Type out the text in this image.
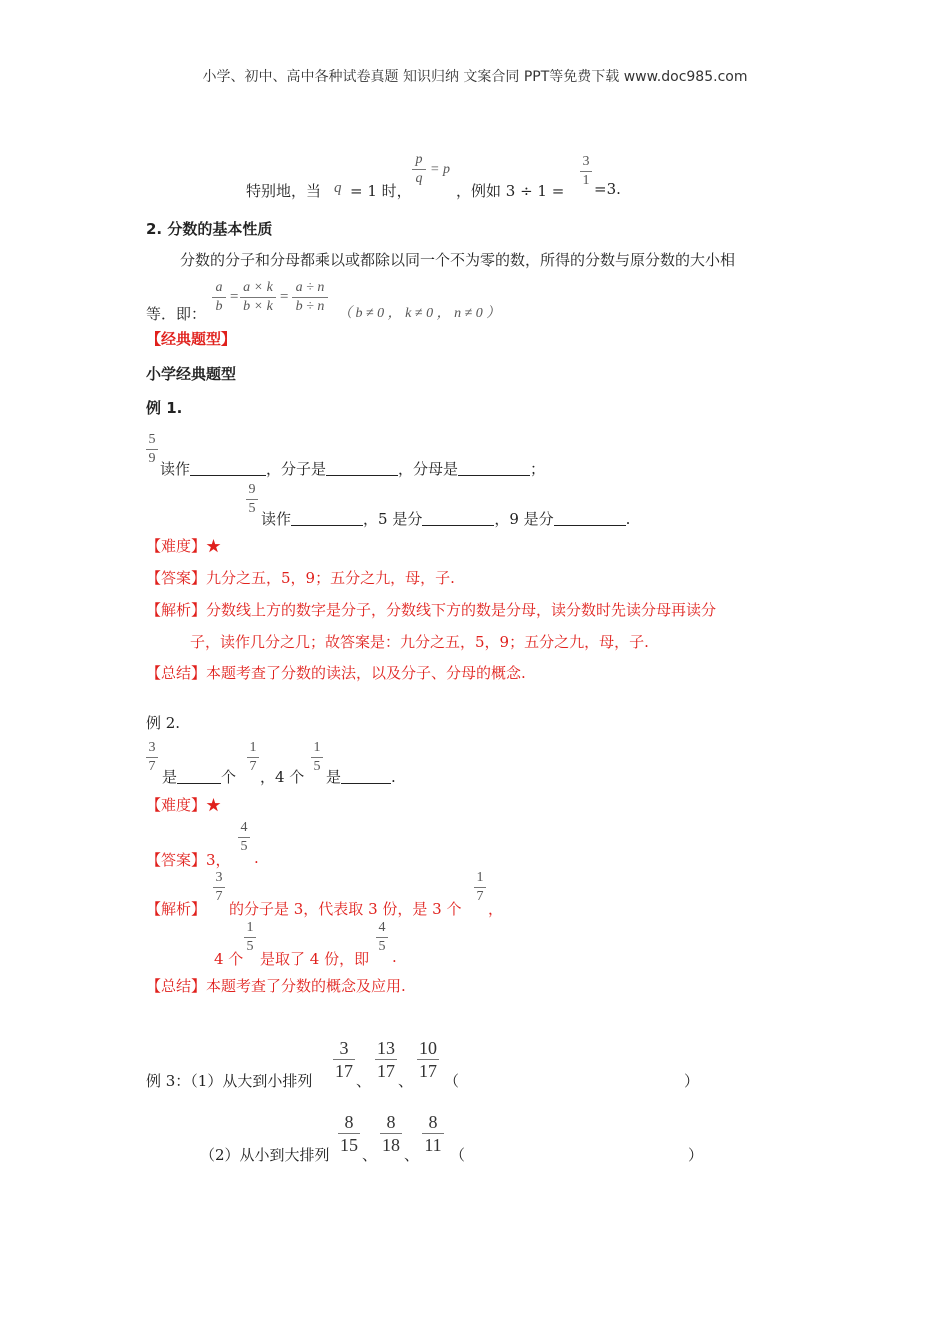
小学、初中、高中各种试卷真题 知识归纳 文案合同 PPT等免费下载 www.doc985.com
特别地，当 q = 1 时，
p
q
= p
，例如 3 ÷ 1 =
3
1 =3.
2. 分数的基本性质
分数的分子和分母都乘以或都除以同一个不为零的数，所得的分数与原分数的大小相
等．即：
a
b
=
a × k
b × k
=
a ÷ n
b ÷ n （ b ≠ 0 ， k ≠ 0 ， n ≠ 0 ）
【经典题型】
小学经典题型
例 1.
5
9
读作	，分子是	，分母是	；
9
5
读作	，5 是分	，9 是分	.
【难度】★
【答案】九分之五，5，9；五分之九，母，子.
【解析】分数线上方的数字是分子，分数线下方的数是分母，读分数时先读分母再读分
子，读作几分之几；故答案是：九分之五，5，9；五分之九，母，子.
【总结】本题考查了分数的读法，以及分子、分母的概念.
例 2.
3
7
是	个
1
7
，4 个
1
5
是	.
【难度】★
【答案】3，
4
5
.
【解析】
3
7
的分子是 3，代表取 3 份，是 3 个
1
7
，
4 个
1
5
是取了 4 份，即
4
5
.
【总结】本题考查了分数的概念及应用.
例 3：（1）从大到小排列
3
17 、
13
17 、
10
17 （	）
（2）从小到大排列
8
15 、
8
18 、
8
11 （	）
